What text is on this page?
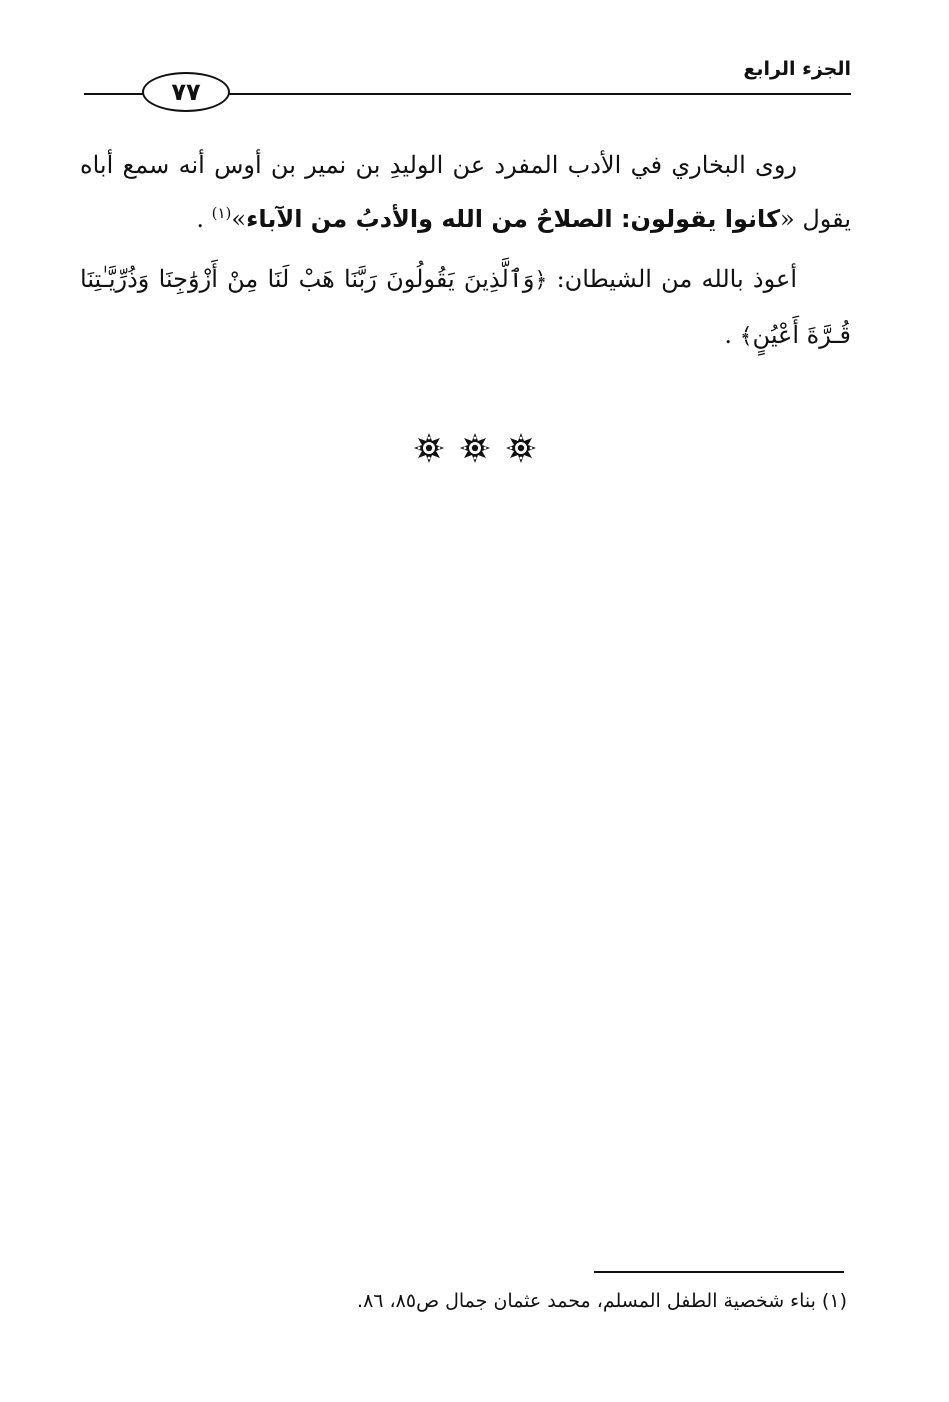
الجزء الرابع
٧٧

روى البخاري في الأدب المفرد عن الوليدِ بن نمير بن أوس أنه سمع أباه يقول «كانوا يقولون: الصلاحُ من الله والأدبُ من الآباء»$^{(١)}$ .

أعوذ بالله من الشيطان: ﴿وَٱلَّذِينَ يَقُولُونَ رَبَّنَا هَبْ لَنَا مِنْ أَزْوَٰجِنَا وَذُرِّيَّـٰتِنَا قُـرَّةَ أَعْيُنٍ﴾ .

(١) بناء شخصية الطفل المسلم، محمد عثمان جمال ص٨٥، ٨٦.
